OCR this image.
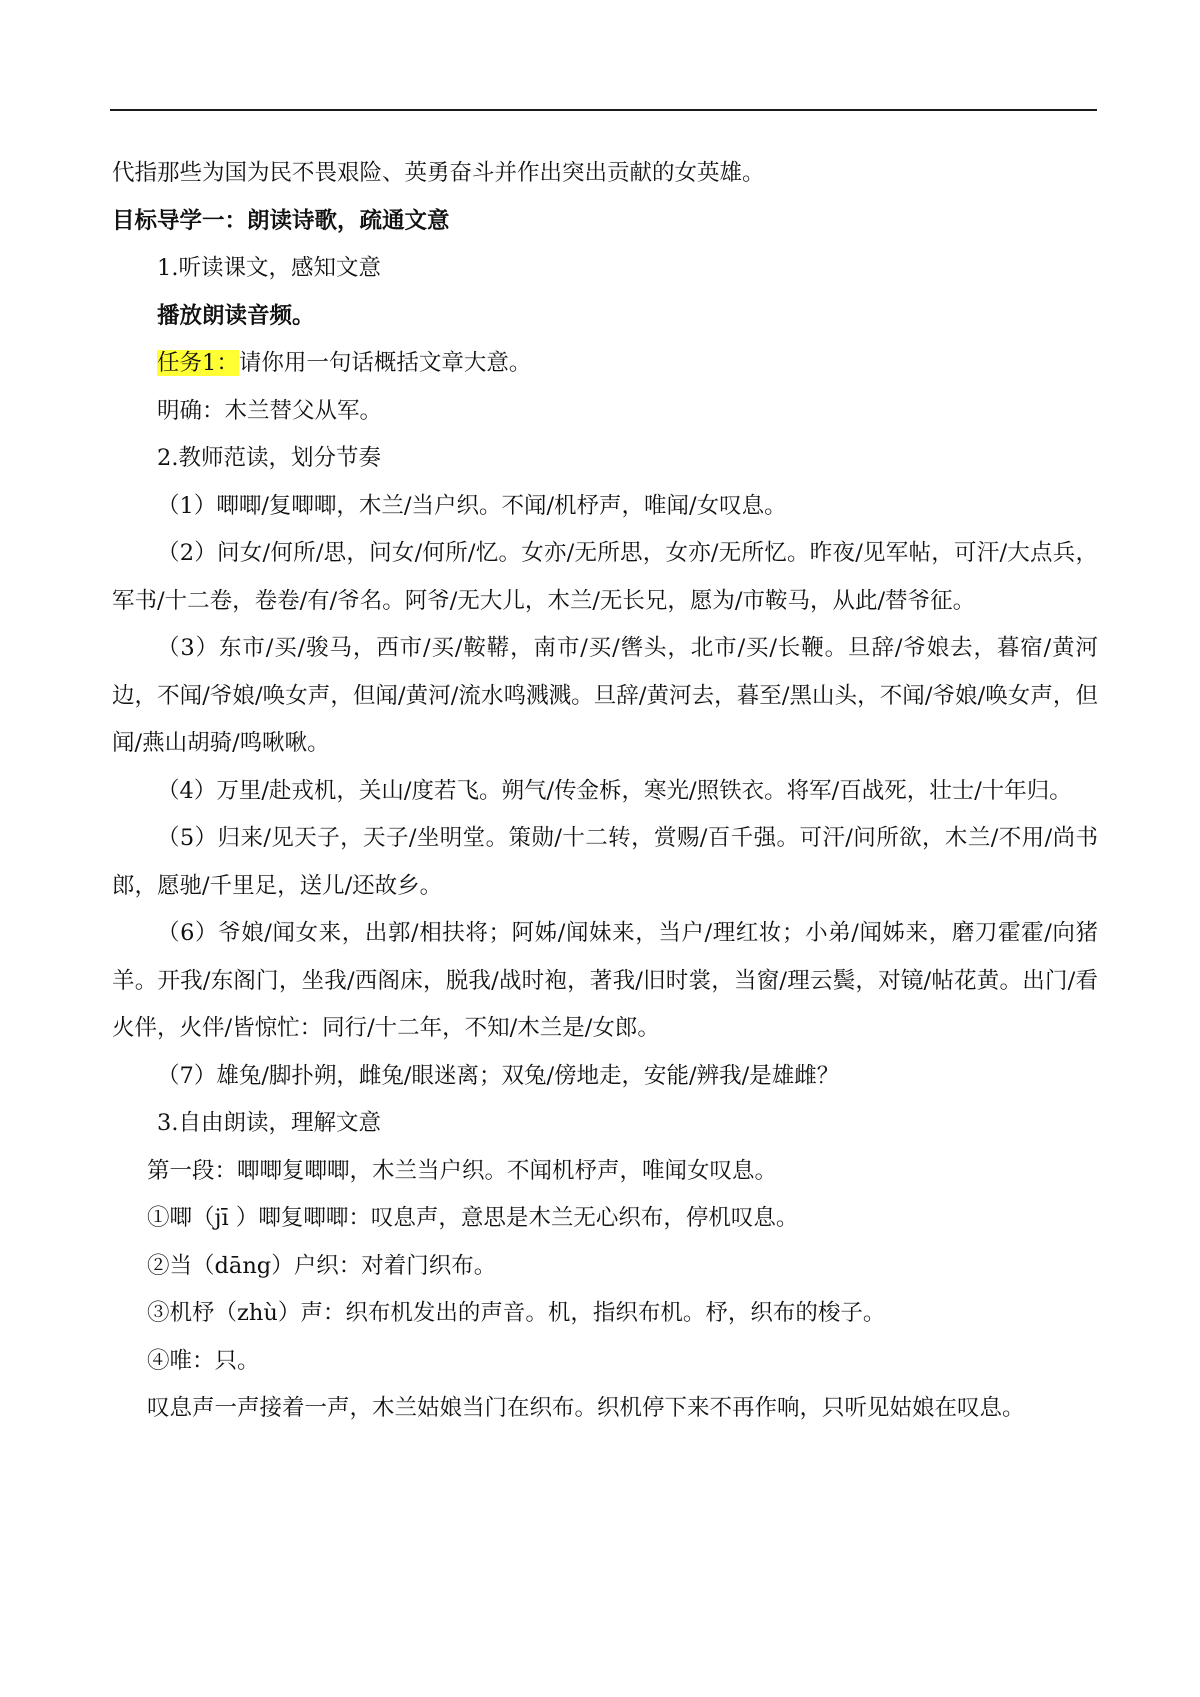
代指那些为国为民不畏艰险、英勇奋斗并作出突出贡献的女英雄。

目标导学一：朗读诗歌，疏通文意

1.听读课文，感知文意

播放朗读音频。

任务1：请你用一句话概括文章大意。

明确：木兰替父从军。

2.教师范读，划分节奏

（1）唧唧/复唧唧，木兰/当户织。不闻/机杼声，唯闻/女叹息。

（2）问女/何所/思，问女/何所/忆。女亦/无所思，女亦/无所忆。昨夜/见军帖，可汗/大点兵，军书/十二卷，卷卷/有/爷名。阿爷/无大儿，木兰/无长兄，愿为/市鞍马，从此/替爷征。

（3）东市/买/骏马，西市/买/鞍鞯，南市/买/辔头，北市/买/长鞭。旦辞/爷娘去，暮宿/黄河边，不闻/爷娘/唤女声，但闻/黄河/流水鸣溅溅。旦辞/黄河去，暮至/黑山头，不闻/爷娘/唤女声，但闻/燕山胡骑/鸣啾啾。

（4）万里/赴戎机，关山/度若飞。朔气/传金柝，寒光/照铁衣。将军/百战死，壮士/十年归。

（5）归来/见天子，天子/坐明堂。策勋/十二转，赏赐/百千强。可汗/问所欲，木兰/不用/尚书郎，愿驰/千里足，送儿/还故乡。

（6）爷娘/闻女来，出郭/相扶将；阿姊/闻妹来，当户/理红妆；小弟/闻姊来，磨刀霍霍/向猪羊。开我/东阁门，坐我/西阁床，脱我/战时袍，著我/旧时裳，当窗/理云鬓，对镜/帖花黄。出门/看火伴，火伴/皆惊忙：同行/十二年，不知/木兰是/女郎。

（7）雄兔/脚扑朔，雌兔/眼迷离；双兔/傍地走，安能/辨我/是雄雌？

3.自由朗读，理解文意

第一段：唧唧复唧唧，木兰当户织。不闻机杼声，唯闻女叹息。

①唧（jī ）唧复唧唧：叹息声，意思是木兰无心织布，停机叹息。

②当（dāng）户织：对着门织布。

③机杼（zhù）声：织布机发出的声音。机，指织布机。杼，织布的梭子。

④唯：只。

叹息声一声接着一声，木兰姑娘当门在织布。织机停下来不再作响，只听见姑娘在叹息。
